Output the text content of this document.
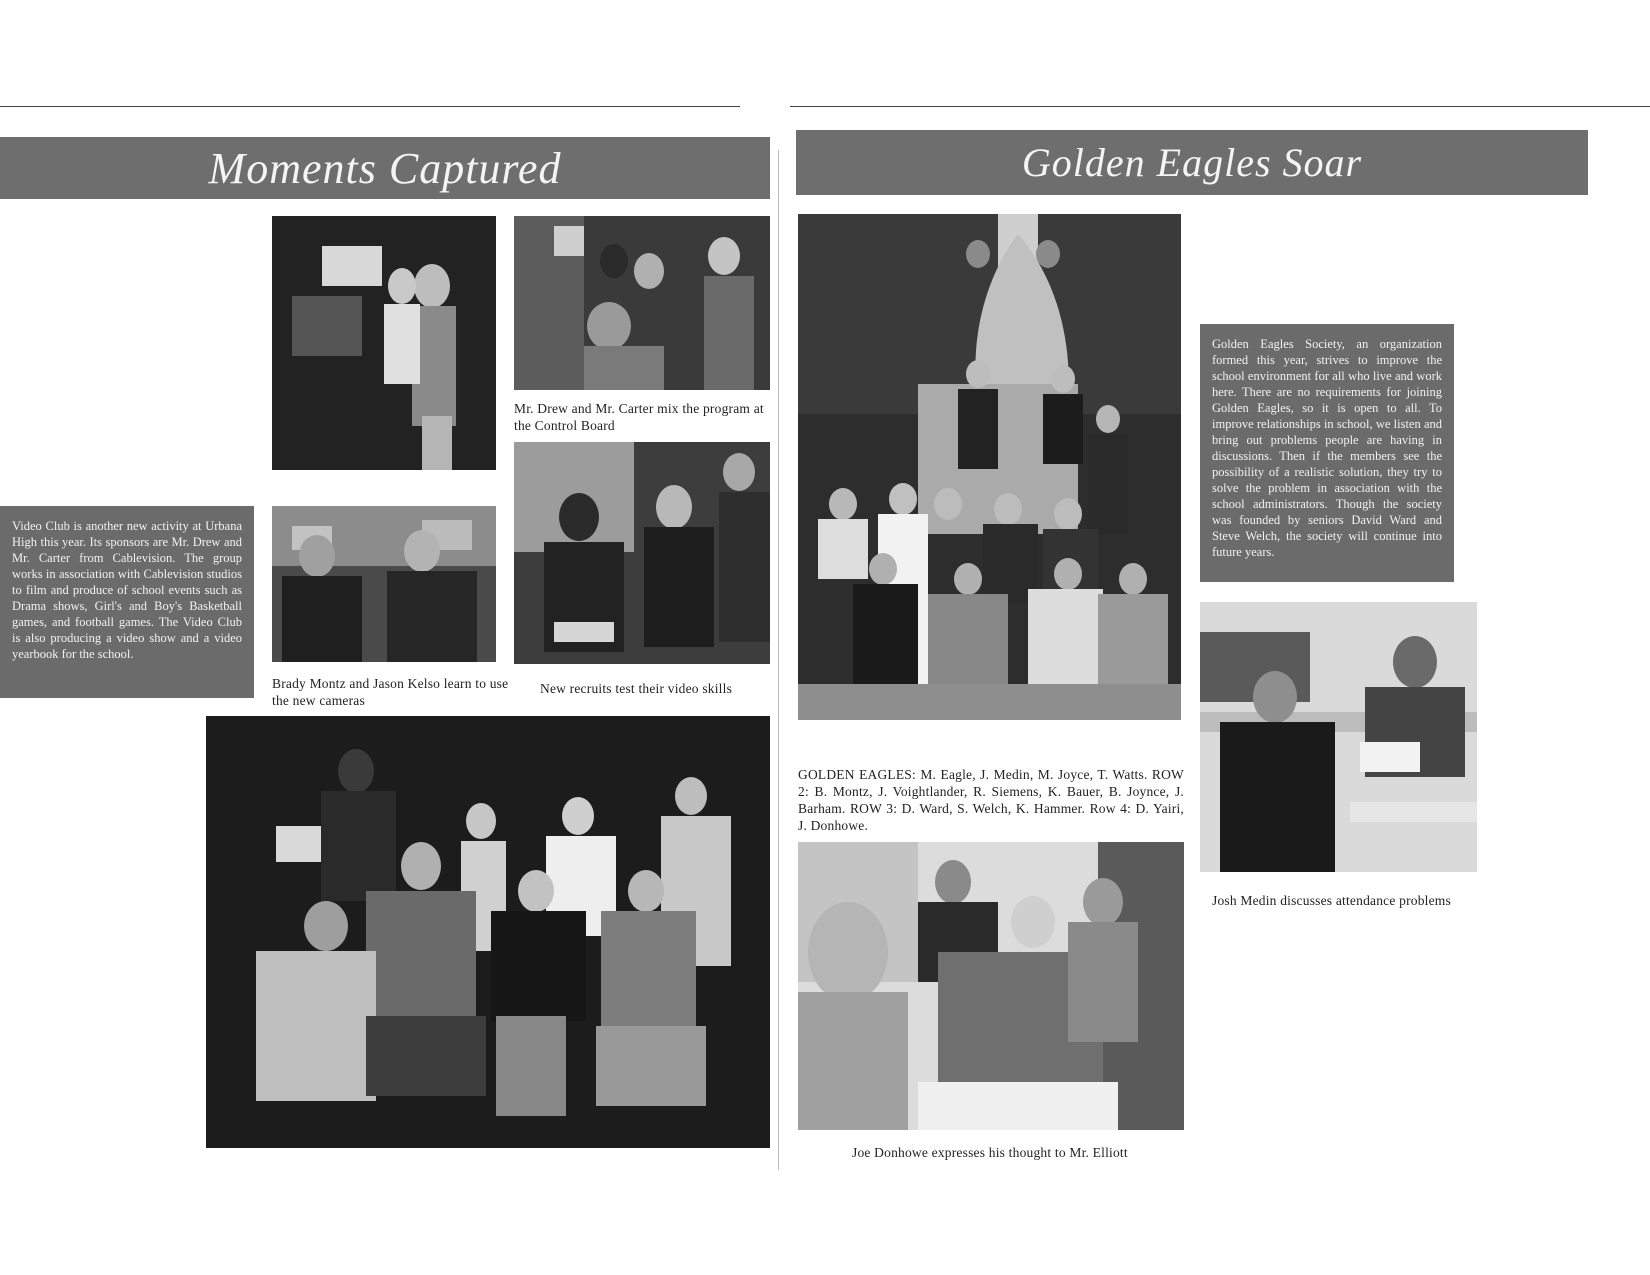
Moments Captured
Mr. Drew and Mr. Carter mix the program at the Control Board
New recruits test their video skills
Video Club is another new activity at Urbana High this year. Its sponsors are Mr. Drew and Mr. Carter from Cablevision. The group works in association with Cablevision studios to film and produce of school events such as Drama shows, Girl's and Boy's Basketball games, and football games. The Video Club is also producing a video show and a video yearbook for the school.
Brady Montz and Jason Kelso learn to use the new cameras
Golden Eagles Soar
GOLDEN EAGLES: M. Eagle, J. Medin, M. Joyce, T. Watts. ROW 2: B. Montz, J. Voightlander, R. Siemens, K. Bauer, B. Joynce, J. Barham. ROW 3: D. Ward, S. Welch, K. Hammer. Row 4: D. Yairi, J. Donhowe.
Golden Eagles Society, an organization formed this year, strives to improve the school environment for all who live and work here. There are no requirements for joining Golden Eagles, so it is open to all. To improve relationships in school, we listen and bring out problems people are having in discussions. Then if the members see the possibility of a realistic solution, they try to solve the problem in association with the school administrators. Though the society was founded by seniors David Ward and Steve Welch, the society will continue into future years.
Josh Medin discusses attendance problems
Joe Donhowe expresses his thought to Mr. Elliott
